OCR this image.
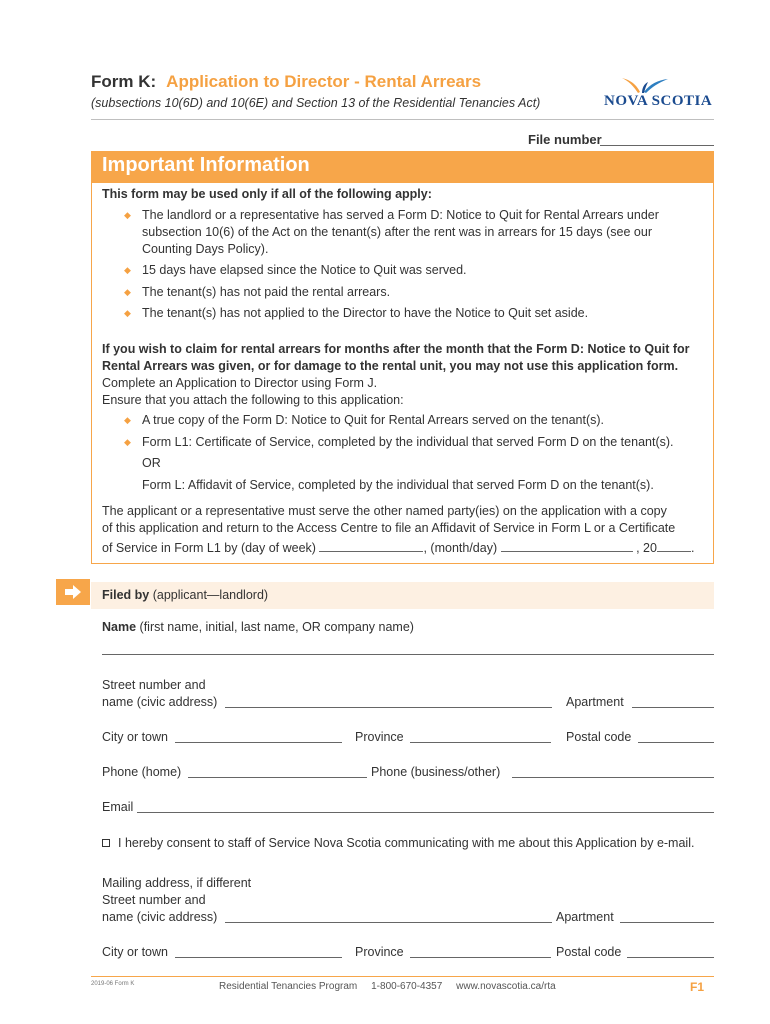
Form K: Application to Director - Rental Arrears
(subsections 10(6D) and 10(6E) and Section 13 of the Residential Tenancies Act)	NOVA SCOTIA
File number
Important Information
This form may be used only if all of the following apply:
◆ The landlord or a representative has served a Form D: Notice to Quit for Rental Arrears under
subsection 10(6) of the Act on the tenant(s) after the rent was in arrears for 15 days (see our
Counting Days Policy).
◆ 15 days have elapsed since the Notice to Quit was served.
◆ The tenant(s) has not paid the rental arrears.
◆ The tenant(s) has not applied to the Director to have the Notice to Quit set aside.
If you wish to claim for rental arrears for months after the month that the Form D: Notice to Quit for
Rental Arrears was given, or for damage to the rental unit, you may not use this application form.
Complete an Application to Director using Form J.
Ensure that you attach the following to this application:
◆ A true copy of the Form D: Notice to Quit for Rental Arrears served on the tenant(s).
◆ Form L1: Certificate of Service, completed by the individual that served Form D on the tenant(s).
OR
Form L: Affidavit of Service, completed by the individual that served Form D on the tenant(s).
The applicant or a representative must serve the other named party(ies) on the application with a copy
of this application and return to the Access Centre to file an Affidavit of Service in Form L or a Certificate
of Service in Form L1 by (day of week)	, (month/day)	, 20	.
Filed by (applicant—landlord)
Name (first name, initial, last name, OR company name)
Street number and
name (civic address)	Apartment
City or town	Province	Postal code
Phone (home)	Phone (business/other)
Email
I hereby consent to staff of Service Nova Scotia communicating with me about this Application by e-mail.
Mailing address, if different
Street number and
name (civic address)	Apartment
City or town	Province	Postal code
2019-06 Form K	Residential Tenancies Program     1-800-670-4357     www.novascotia.ca/rta	F1
